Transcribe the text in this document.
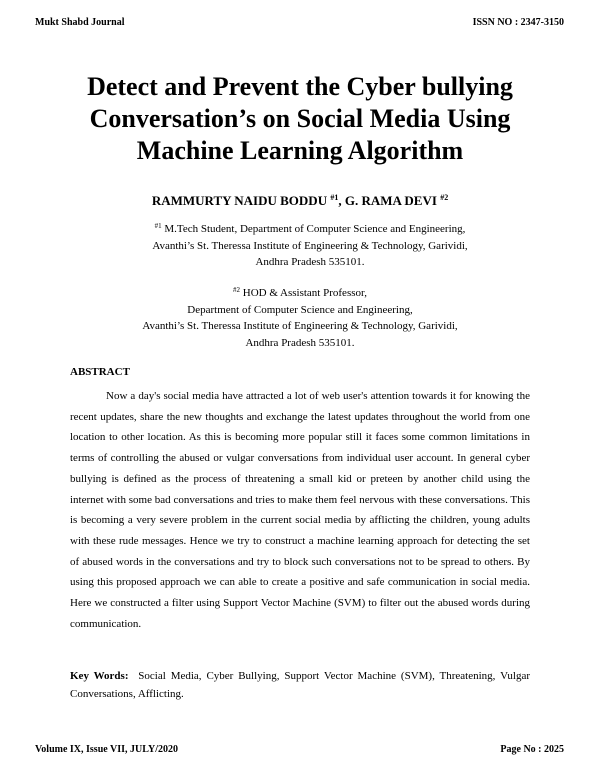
Mukt Shabd Journal	ISSN NO : 2347-3150
Detect and Prevent the Cyber bullying
Conversation’s on Social Media Using
Machine Learning Algorithm
RAMMURTY NAIDU BODDU $^{\#1}$, G. RAMA DEVI $^{\#2}$
$^{\#1}$ M.Tech Student, Department of Computer Science and Engineering,
Avanthi’s St. Theressa Institute of Engineering & Technology, Garividi,
Andhra Pradesh 535101.
$^{\#2}$ HOD & Assistant Professor,
Department of Computer Science and Engineering,
Avanthi’s St. Theressa Institute of Engineering & Technology, Garividi,
Andhra Pradesh 535101.
ABSTRACT

Now a day's social media have attracted a lot of web user's attention towards it for knowing the recent updates, share the new thoughts and exchange the latest updates throughout the world from one location to other location. As this is becoming more popular still it faces some common limitations in terms of controlling the abused or vulgar conversations from individual user account. In general cyber bullying is defined as the process of threatening a small kid or preteen by another child using the internet with some bad conversations and tries to make them feel nervous with these conversations. This is becoming a very severe problem in the current social media by afflicting the children, young adults with these rude messages. Hence we try to construct a machine learning approach for detecting the set of abused words in the conversations and try to block such conversations not to be spread to others. By using this proposed approach we can able to create a positive and safe communication in social media. Here we constructed a filter using Support Vector Machine (SVM) to filter out the abused words during communication.

Key Words: Social Media, Cyber Bullying, Support Vector Machine (SVM), Threatening, Vulgar Conversations, Afflicting.

Volume IX, Issue VII, JULY/2020	Page No : 2025
